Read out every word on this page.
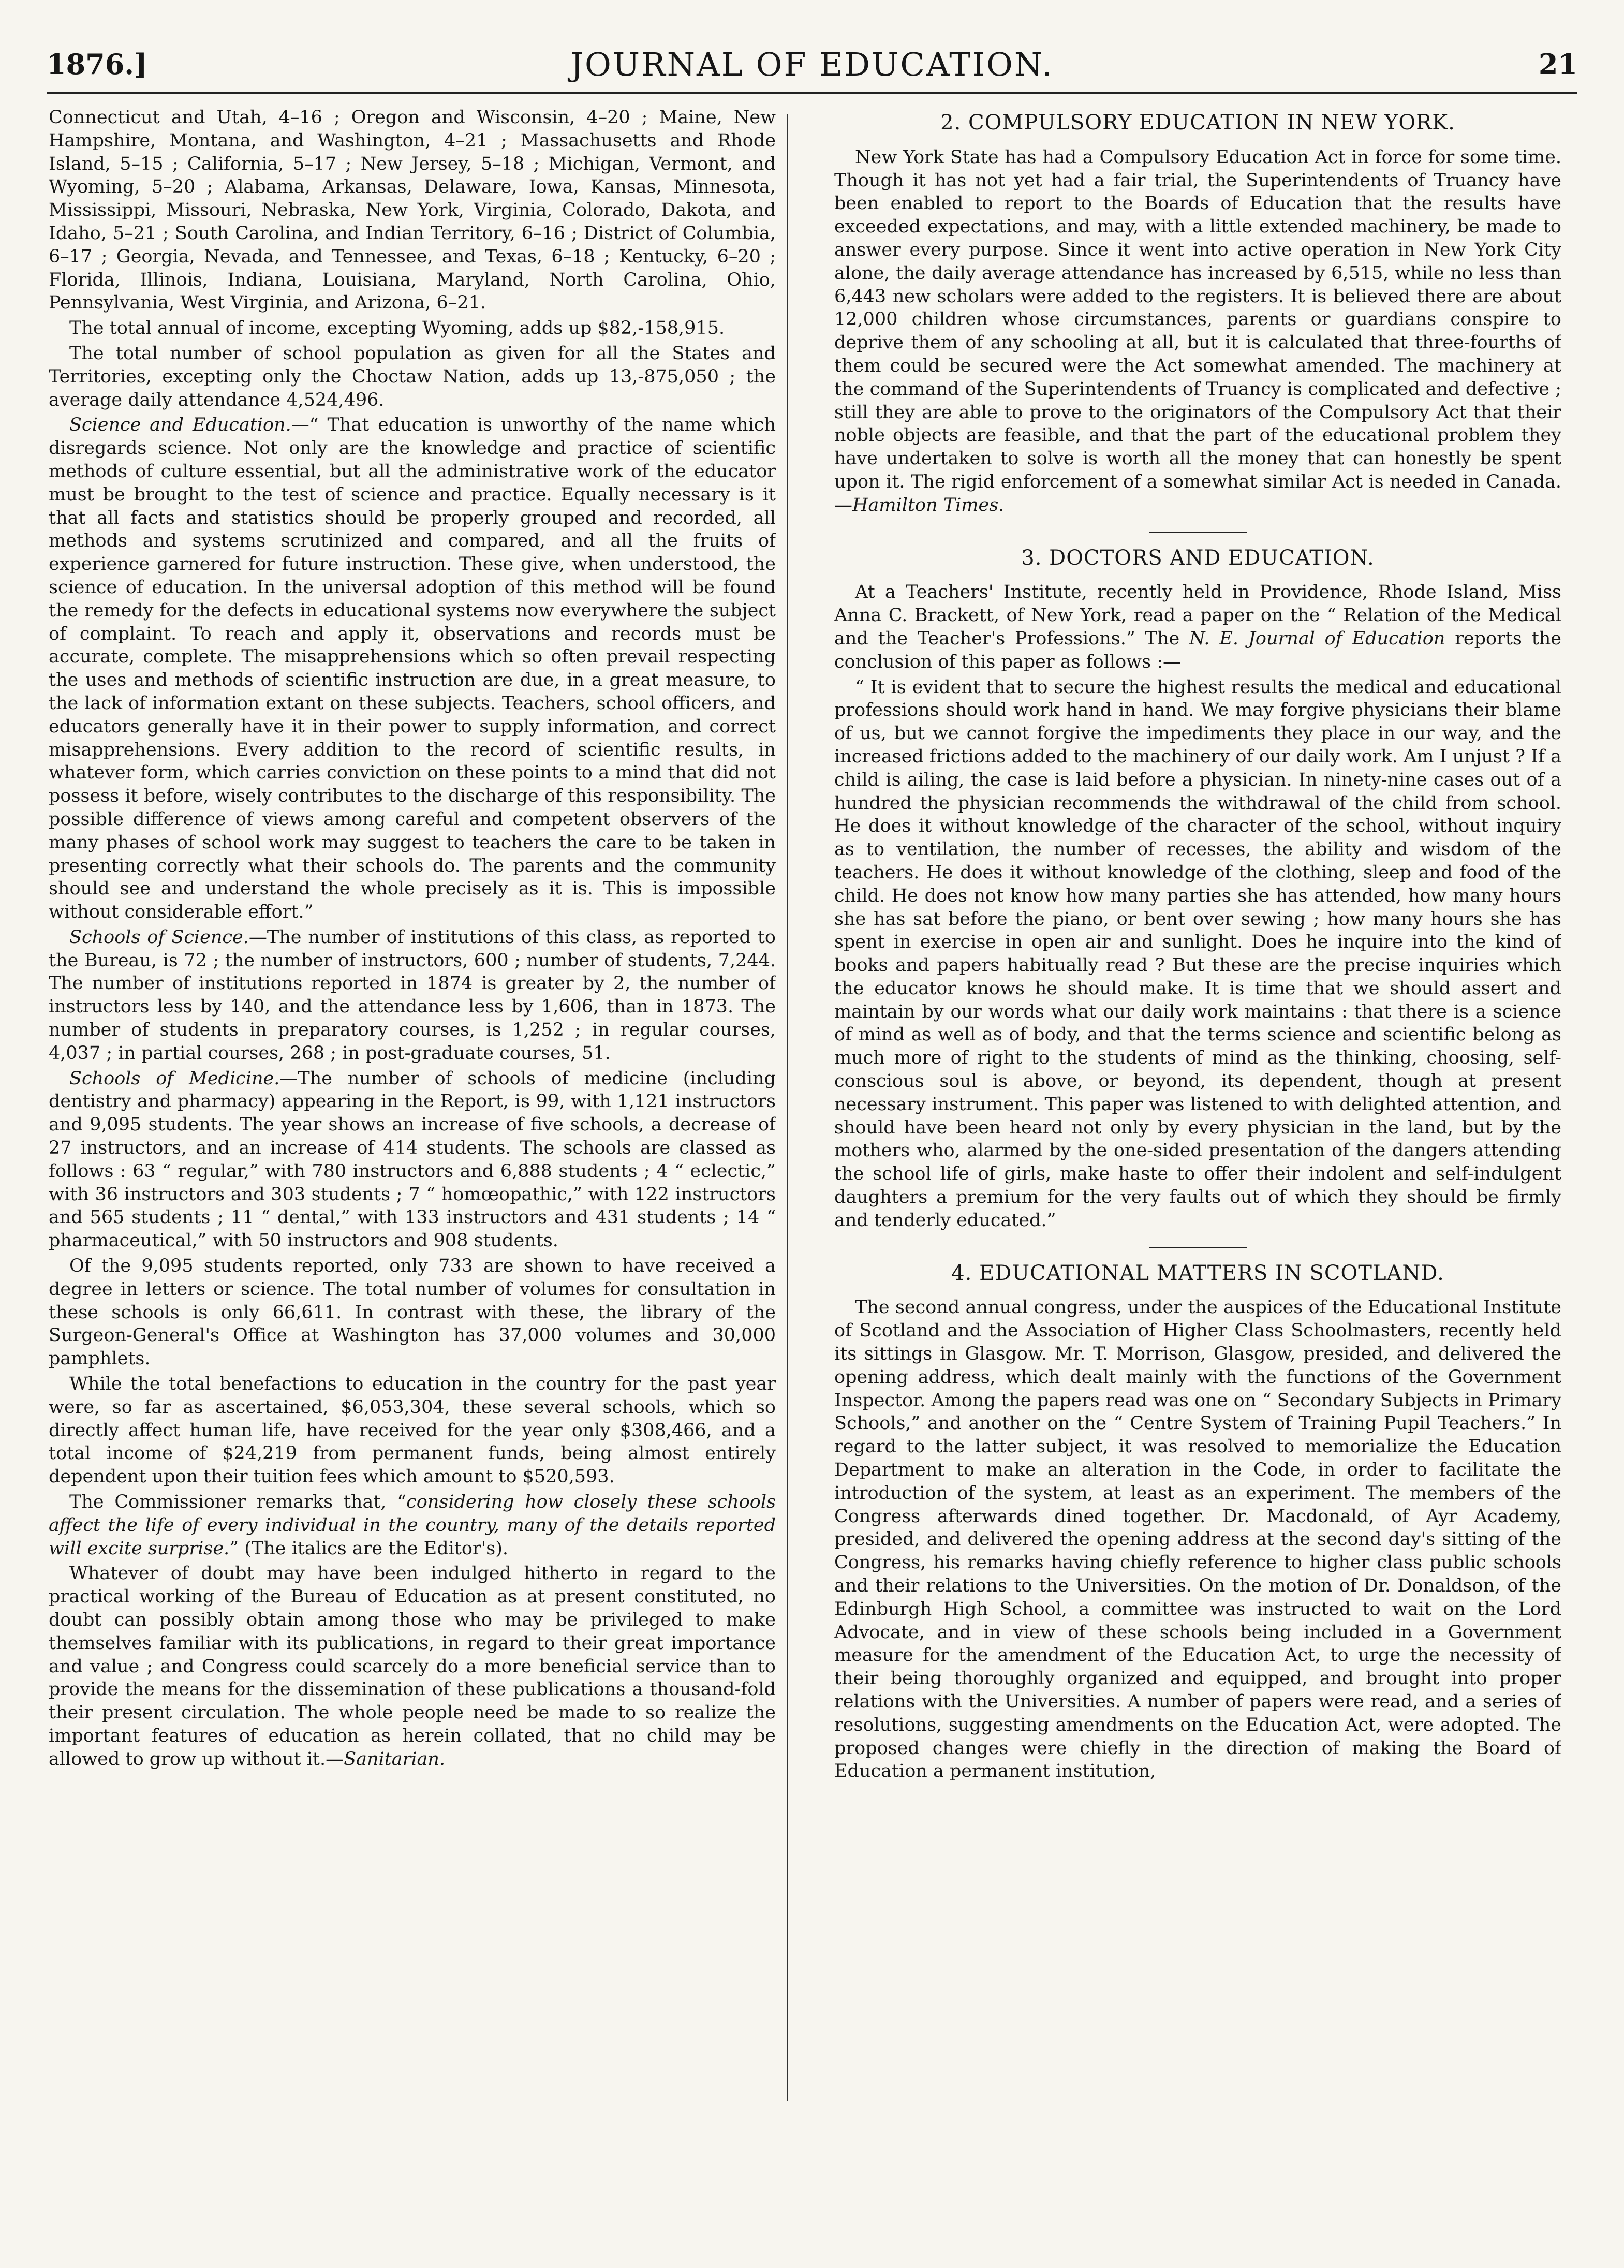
1876.]	JOURNAL OF EDUCATION.	21

Connecticut and Utah, 4–16 ; Oregon and Wisconsin, 4–20 ; Maine, New Hampshire, Montana, and Washington, 4–21 ; Massachusetts and Rhode Island, 5–15 ; California, 5–17 ; New Jersey, 5–18 ; Michigan, Vermont, and Wyoming, 5–20 ; Alabama, Arkansas, Delaware, Iowa, Kansas, Minnesota, Mississippi, Missouri, Nebraska, New York, Virginia, Colorado, Dakota, and Idaho, 5–21 ; South Carolina, and Indian Territory, 6–16 ; District of Columbia, 6–17 ; Georgia, Nevada, and Tennessee, and Texas, 6–18 ; Kentucky, 6–20 ; Florida, Illinois, Indiana, Louisiana, Maryland, North Carolina, Ohio, Pennsylvania, West Virginia, and Arizona, 6–21.

The total annual of income, excepting Wyoming, adds up $82,-158,915.

The total number of school population as given for all the States and Territories, excepting only the Choctaw Nation, adds up 13,-875,050 ; the average daily attendance 4,524,496.

Science and Education.—“ That education is unworthy of the name which disregards science. Not only are the knowledge and practice of scientific methods of culture essential, but all the administrative work of the educator must be brought to the test of science and practice. Equally necessary is it that all facts and statistics should be properly grouped and recorded, all methods and systems scrutinized and compared, and all the fruits of experience garnered for future instruction. These give, when understood, the science of education. In the universal adoption of this method will be found the remedy for the defects in educational systems now everywhere the subject of complaint. To reach and apply it, observations and records must be accurate, complete. The misapprehensions which so often prevail respecting the uses and methods of scientific instruction are due, in a great measure, to the lack of information extant on these subjects. Teachers, school officers, and educators generally have it in their power to supply information, and correct misapprehensions. Every addition to the record of scientific results, in whatever form, which carries conviction on these points to a mind that did not possess it before, wisely contributes to the discharge of this responsibility. The possible difference of views among careful and competent observers of the many phases of school work may suggest to teachers the care to be taken in presenting correctly what their schools do. The parents and the community should see and understand the whole precisely as it is. This is impossible without considerable effort.”

Schools of Science.—The number of institutions of this class, as reported to the Bureau, is 72 ; the number of instructors, 600 ; number of students, 7,244. The number of institutions reported in 1874 is greater by 2, the number of instructors less by 140, and the attendance less by 1,606, than in 1873. The number of students in preparatory courses, is 1,252 ; in regular courses, 4,037 ; in partial courses, 268 ; in post-graduate courses, 51.

Schools of Medicine.—The number of schools of medicine (including dentistry and pharmacy) appearing in the Report, is 99, with 1,121 instructors and 9,095 students. The year shows an increase of five schools, a decrease of 27 instructors, and an increase of 414 students. The schools are classed as follows : 63 “ regular,” with 780 instructors and 6,888 students ; 4 “ eclectic,” with 36 instructors and 303 students ; 7 “ homœopathic,” with 122 instructors and 565 students ; 11 “ dental,” with 133 instructors and 431 students ; 14 “ pharmaceutical,” with 50 instructors and 908 students.

Of the 9,095 students reported, only 733 are shown to have received a degree in letters or science. The total number of volumes for consultation in these schools is only 66,611. In contrast with these, the library of the Surgeon-General's Office at Washington has 37,000 volumes and 30,000 pamphlets.

While the total benefactions to education in the country for the past year were, so far as ascertained, $6,053,304, these several schools, which so directly affect human life, have received for the year only $308,466, and a total income of $24,219 from permanent funds, being almost entirely dependent upon their tuition fees which amount to $520,593.

The Commissioner remarks that, “considering how closely these schools affect the life of every individual in the country, many of the details reported will excite surprise.” (The italics are the Editor's).

Whatever of doubt may have been indulged hitherto in regard to the practical working of the Bureau of Education as at present constituted, no doubt can possibly obtain among those who may be privileged to make themselves familiar with its publications, in regard to their great importance and value ; and Congress could scarcely do a more beneficial service than to provide the means for the dissemination of these publications a thousand-fold their present circulation. The whole people need be made to so realize the important features of education as herein collated, that no child may be allowed to grow up without it.—Sanitarian.

2. COMPULSORY EDUCATION IN NEW YORK.

New York State has had a Compulsory Education Act in force for some time. Though it has not yet had a fair trial, the Superintendents of Truancy have been enabled to report to the Boards of Education that the results have exceeded expectations, and may, with a little extended machinery, be made to answer every purpose. Since it went into active operation in New York City alone, the daily average attendance has increased by 6,515, while no less than 6,443 new scholars were added to the registers. It is believed there are about 12,000 children whose circumstances, parents or guardians conspire to deprive them of any schooling at all, but it is calculated that three-fourths of them could be secured were the Act somewhat amended. The machinery at the command of the Superintendents of Truancy is complicated and defective ; still they are able to prove to the originators of the Compulsory Act that their noble objects are feasible, and that the part of the educational problem they have undertaken to solve is worth all the money that can honestly be spent upon it. The rigid enforcement of a somewhat similar Act is needed in Canada.—Hamilton Times.

3. DOCTORS AND EDUCATION.

At a Teachers' Institute, recently held in Providence, Rhode Island, Miss Anna C. Brackett, of New York, read a paper on the “ Relation of the Medical and the Teacher's Professions.” The N. E. Journal of Education reports the conclusion of this paper as follows :—

“ It is evident that to secure the highest results the medical and educational professions should work hand in hand. We may forgive physicians their blame of us, but we cannot forgive the impediments they place in our way, and the increased frictions added to the machinery of our daily work. Am I unjust ? If a child is ailing, the case is laid before a physician. In ninety-nine cases out of a hundred the physician recommends the withdrawal of the child from school. He does it without knowledge of the character of the school, without inquiry as to ventilation, the number of recesses, the ability and wisdom of the teachers. He does it without knowledge of the clothing, sleep and food of the child. He does not know how many parties she has attended, how many hours she has sat before the piano, or bent over sewing ; how many hours she has spent in exercise in open air and sunlight. Does he inquire into the kind of books and papers habitually read ? But these are the precise inquiries which the educator knows he should make. It is time that we should assert and maintain by our words what our daily work maintains : that there is a science of mind as well as of body, and that the terms science and scientific belong as much more of right to the students of mind as the thinking, choosing, self-conscious soul is above, or beyond, its dependent, though at present necessary instrument. This paper was listened to with delighted attention, and should have been heard not only by every physician in the land, but by the mothers who, alarmed by the one-sided presentation of the dangers attending the school life of girls, make haste to offer their indolent and self-indulgent daughters a premium for the very faults out of which they should be firmly and tenderly educated.”

4. EDUCATIONAL MATTERS IN SCOTLAND.

The second annual congress, under the auspices of the Educational Institute of Scotland and the Association of Higher Class Schoolmasters, recently held its sittings in Glasgow. Mr. T. Morrison, Glasgow, presided, and delivered the opening address, which dealt mainly with the functions of the Government Inspector. Among the papers read was one on “ Secondary Subjects in Primary Schools,” and another on the “ Centre System of Training Pupil Teachers.” In regard to the latter subject, it was resolved to memorialize the Education Department to make an alteration in the Code, in order to facilitate the introduction of the system, at least as an experiment. The members of the Congress afterwards dined together. Dr. Macdonald, of Ayr Academy, presided, and delivered the opening address at the second day's sitting of the Congress, his remarks having chiefly reference to higher class public schools and their relations to the Universities. On the motion of Dr. Donaldson, of the Edinburgh High School, a committee was instructed to wait on the Lord Advocate, and in view of these schools being included in a Government measure for the amendment of the Education Act, to urge the necessity of their being thoroughly organized and equipped, and brought into proper relations with the Universities. A number of papers were read, and a series of resolutions, suggesting amendments on the Education Act, were adopted. The proposed changes were chiefly in the direction of making the Board of Education a permanent institution,
